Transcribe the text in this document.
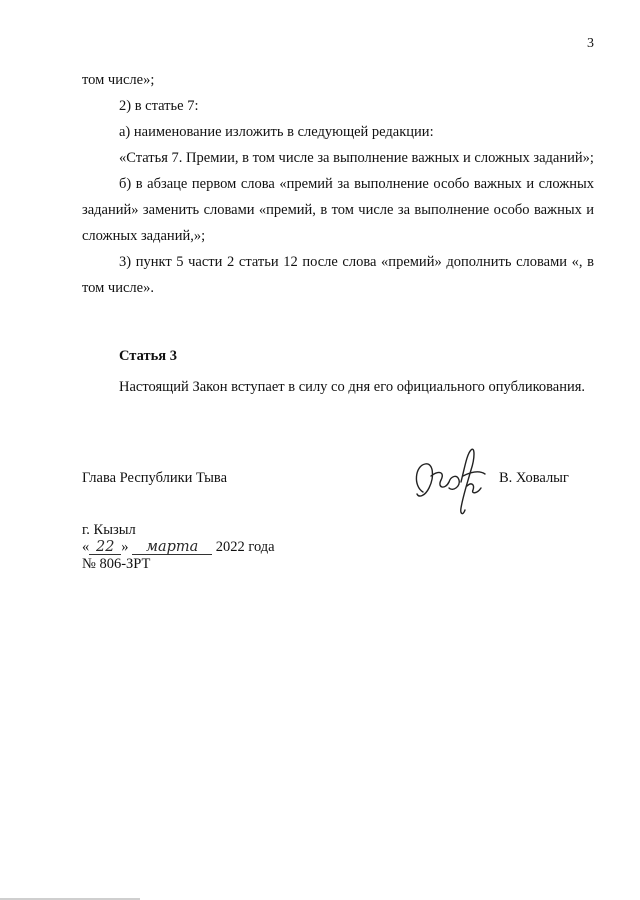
3

том числе»;

2) в статье 7:

а) наименование изложить в следующей редакции:

«Статья 7. Премии, в том числе за выполнение важных и сложных заданий»;

б) в абзаце первом слова «премий за выполнение особо важных и сложных заданий» заменить словами «премий, в том числе за выполнение особо важных и сложных заданий,»;

3) пункт 5 части 2 статьи 12 после слова «премий» дополнить словами «, в том числе».

Статья 3

Настоящий Закон вступает в силу со дня его официального опубликования.

Глава Республики Тыва	В. Ховалыг
г. Кызыл
« 22 » марта 2022 года
№ 806-ЗРТ
